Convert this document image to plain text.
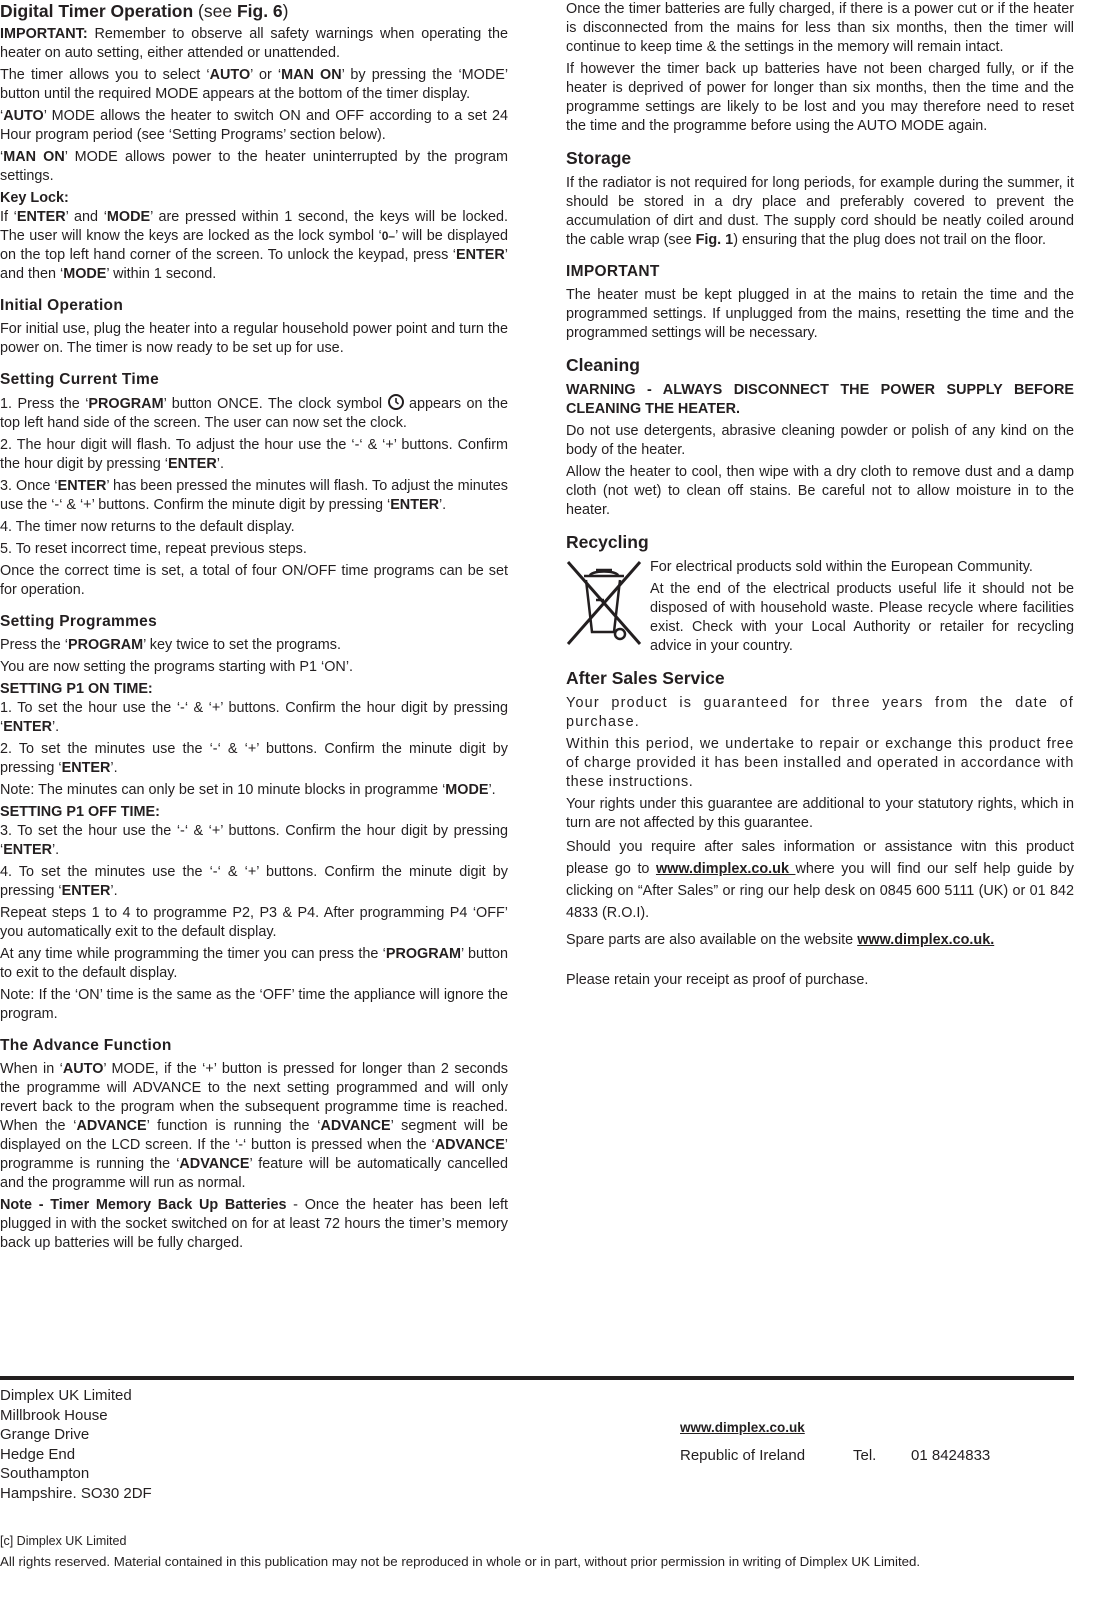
Digital Timer Operation (see Fig. 6)

IMPORTANT: Remember to observe all safety warnings when operating the heater on auto setting, either attended or unattended.

The timer allows you to select ‘AUTO’ or ‘MAN ON’ by pressing the ‘MODE’ button until the required MODE appears at the bottom of the timer display.

‘AUTO’ MODE allows the heater to switch ON and OFF according to a set 24 Hour program period (see ‘Setting Programs’ section below).

‘MAN ON’ MODE allows power to the heater uninterrupted by the program settings.

Key Lock:

If ‘ENTER’ and ‘MODE’ are pressed within 1 second, the keys will be locked. The user will know the keys are locked as the lock symbol ‘0–’ will be displayed on the top left hand corner of the screen. To unlock the keypad, press ‘ENTER’ and then ‘MODE’ within 1 second.

Initial Operation

For initial use, plug the heater into a regular household power point and turn the power on. The timer is now ready to be set up for use.

Setting Current Time

1. Press the ‘PROGRAM’ button ONCE. The clock symbol
appears on the top left hand side of the screen. The user can now set the clock.

2. The hour digit will flash. To adjust the hour use the ‘-‘ & ‘+’ buttons. Confirm the hour digit by pressing ‘ENTER’.

3. Once ‘ENTER’ has been pressed the minutes will flash. To adjust the minutes use the ‘-‘ & ‘+’ buttons. Confirm the minute digit by pressing ‘ENTER’.

4. The timer now returns to the default display.

5. To reset incorrect time, repeat previous steps.

Once the correct time is set, a total of four ON/OFF time programs can be set for operation.

Setting Programmes

Press the ‘PROGRAM’ key twice to set the programs.

You are now setting the programs starting with P1 ‘ON’.

SETTING P1 ON TIME:

1. To set the hour use the ‘-‘ & ‘+’ buttons. Confirm the hour digit by pressing ‘ENTER’.

2. To set the minutes use the ‘-‘ & ‘+’ buttons. Confirm the minute digit by pressing ‘ENTER’.

Note: The minutes can only be set in 10 minute blocks in programme ‘MODE’.

SETTING P1 OFF TIME:

3. To set the hour use the ‘-‘ & ‘+’ buttons. Confirm the hour digit by pressing ‘ENTER’.

4. To set the minutes use the ‘-‘ & ‘+’ buttons. Confirm the minute digit by pressing ‘ENTER’.

Repeat steps 1 to 4 to programme P2, P3 & P4. After programming P4 ‘OFF’ you automatically exit to the default display.

At any time while programming the timer you can press the ‘PROGRAM’ button to exit to the default display.

Note: If the ‘ON’ time is the same as the ‘OFF’ time the appliance will ignore the program.

The Advance Function

When in ‘AUTO’ MODE, if the ‘+’ button is pressed for longer than 2 seconds the programme will ADVANCE to the next setting programmed and will only revert back to the program when the subsequent programme time is reached. When the ‘ADVANCE’ function is running the ‘ADVANCE’ segment will be displayed on the LCD screen. If the ‘-‘ button is pressed when the ‘ADVANCE’ programme is running the ‘ADVANCE’ feature will be automatically cancelled and the programme will run as normal.

Note - Timer Memory Back Up Batteries - Once the heater has been left plugged in with the socket switched on for at least 72 hours the timer’s memory back up batteries will be fully charged.

Once the timer batteries are fully charged, if there is a power cut or if the heater is disconnected from the mains for less than six months, then the timer will continue to keep time & the settings in the memory will remain intact.

If however the timer back up batteries have not been charged fully, or if the heater is deprived of power for longer than six months, then the time and the programme settings are likely to be lost and you may therefore need to reset the time and the programme before using the AUTO MODE again.

Storage

If the radiator is not required for long periods, for example during the summer, it should be stored in a dry place and preferably covered to prevent the accumulation of dirt and dust. The supply cord should be neatly coiled around the cable wrap (see Fig. 1) ensuring that the plug does not trail on the floor.

IMPORTANT

The heater must be kept plugged in at the mains to retain the time and the programmed settings. If unplugged from the mains, resetting the time and the programmed settings will be necessary.

Cleaning

WARNING - ALWAYS DISCONNECT THE POWER SUPPLY BEFORE CLEANING THE HEATER.

Do not use detergents, abrasive cleaning powder or polish of any kind on the body of the heater.

Allow the heater to cool, then wipe with a dry cloth to remove dust and a damp cloth (not wet) to clean off stains. Be careful not to allow moisture in to the heater.

Recycling

For electrical products sold within the European Community.

At the end of the electrical products useful life it should not be disposed of with household waste. Please recycle where facilities exist. Check with your Local Authority or retailer for recycling advice in your country.

After Sales Service

Your product is guaranteed for three years from the date of purchase.

Within this period, we undertake to repair or exchange this product free of charge provided it has been installed and operated in accordance with these instructions.

Your rights under this guarantee are additional to your statutory rights, which in turn are not affected by this guarantee.

Should you require after sales information or assistance witn this product please go to www.dimplex.co.uk where you will find our self help guide by clicking on “After Sales” or ring our help desk on 0845 600 5111 (UK) or 01 842 4833 (R.O.I).

Spare parts are also available on the website www.dimplex.co.uk.

Please retain your receipt as proof of purchase.

Dimplex UK Limited
Millbrook House
Grange Drive
Hedge End
Southampton
Hampshire. SO30 2DF
www.dimplex.co.uk
Republic of Ireland	Tel.	01 8424833
[c] Dimplex UK Limited
All rights reserved. Material contained in this publication may not be reproduced in whole or in part, without prior permission in writing of Dimplex UK Limited.
